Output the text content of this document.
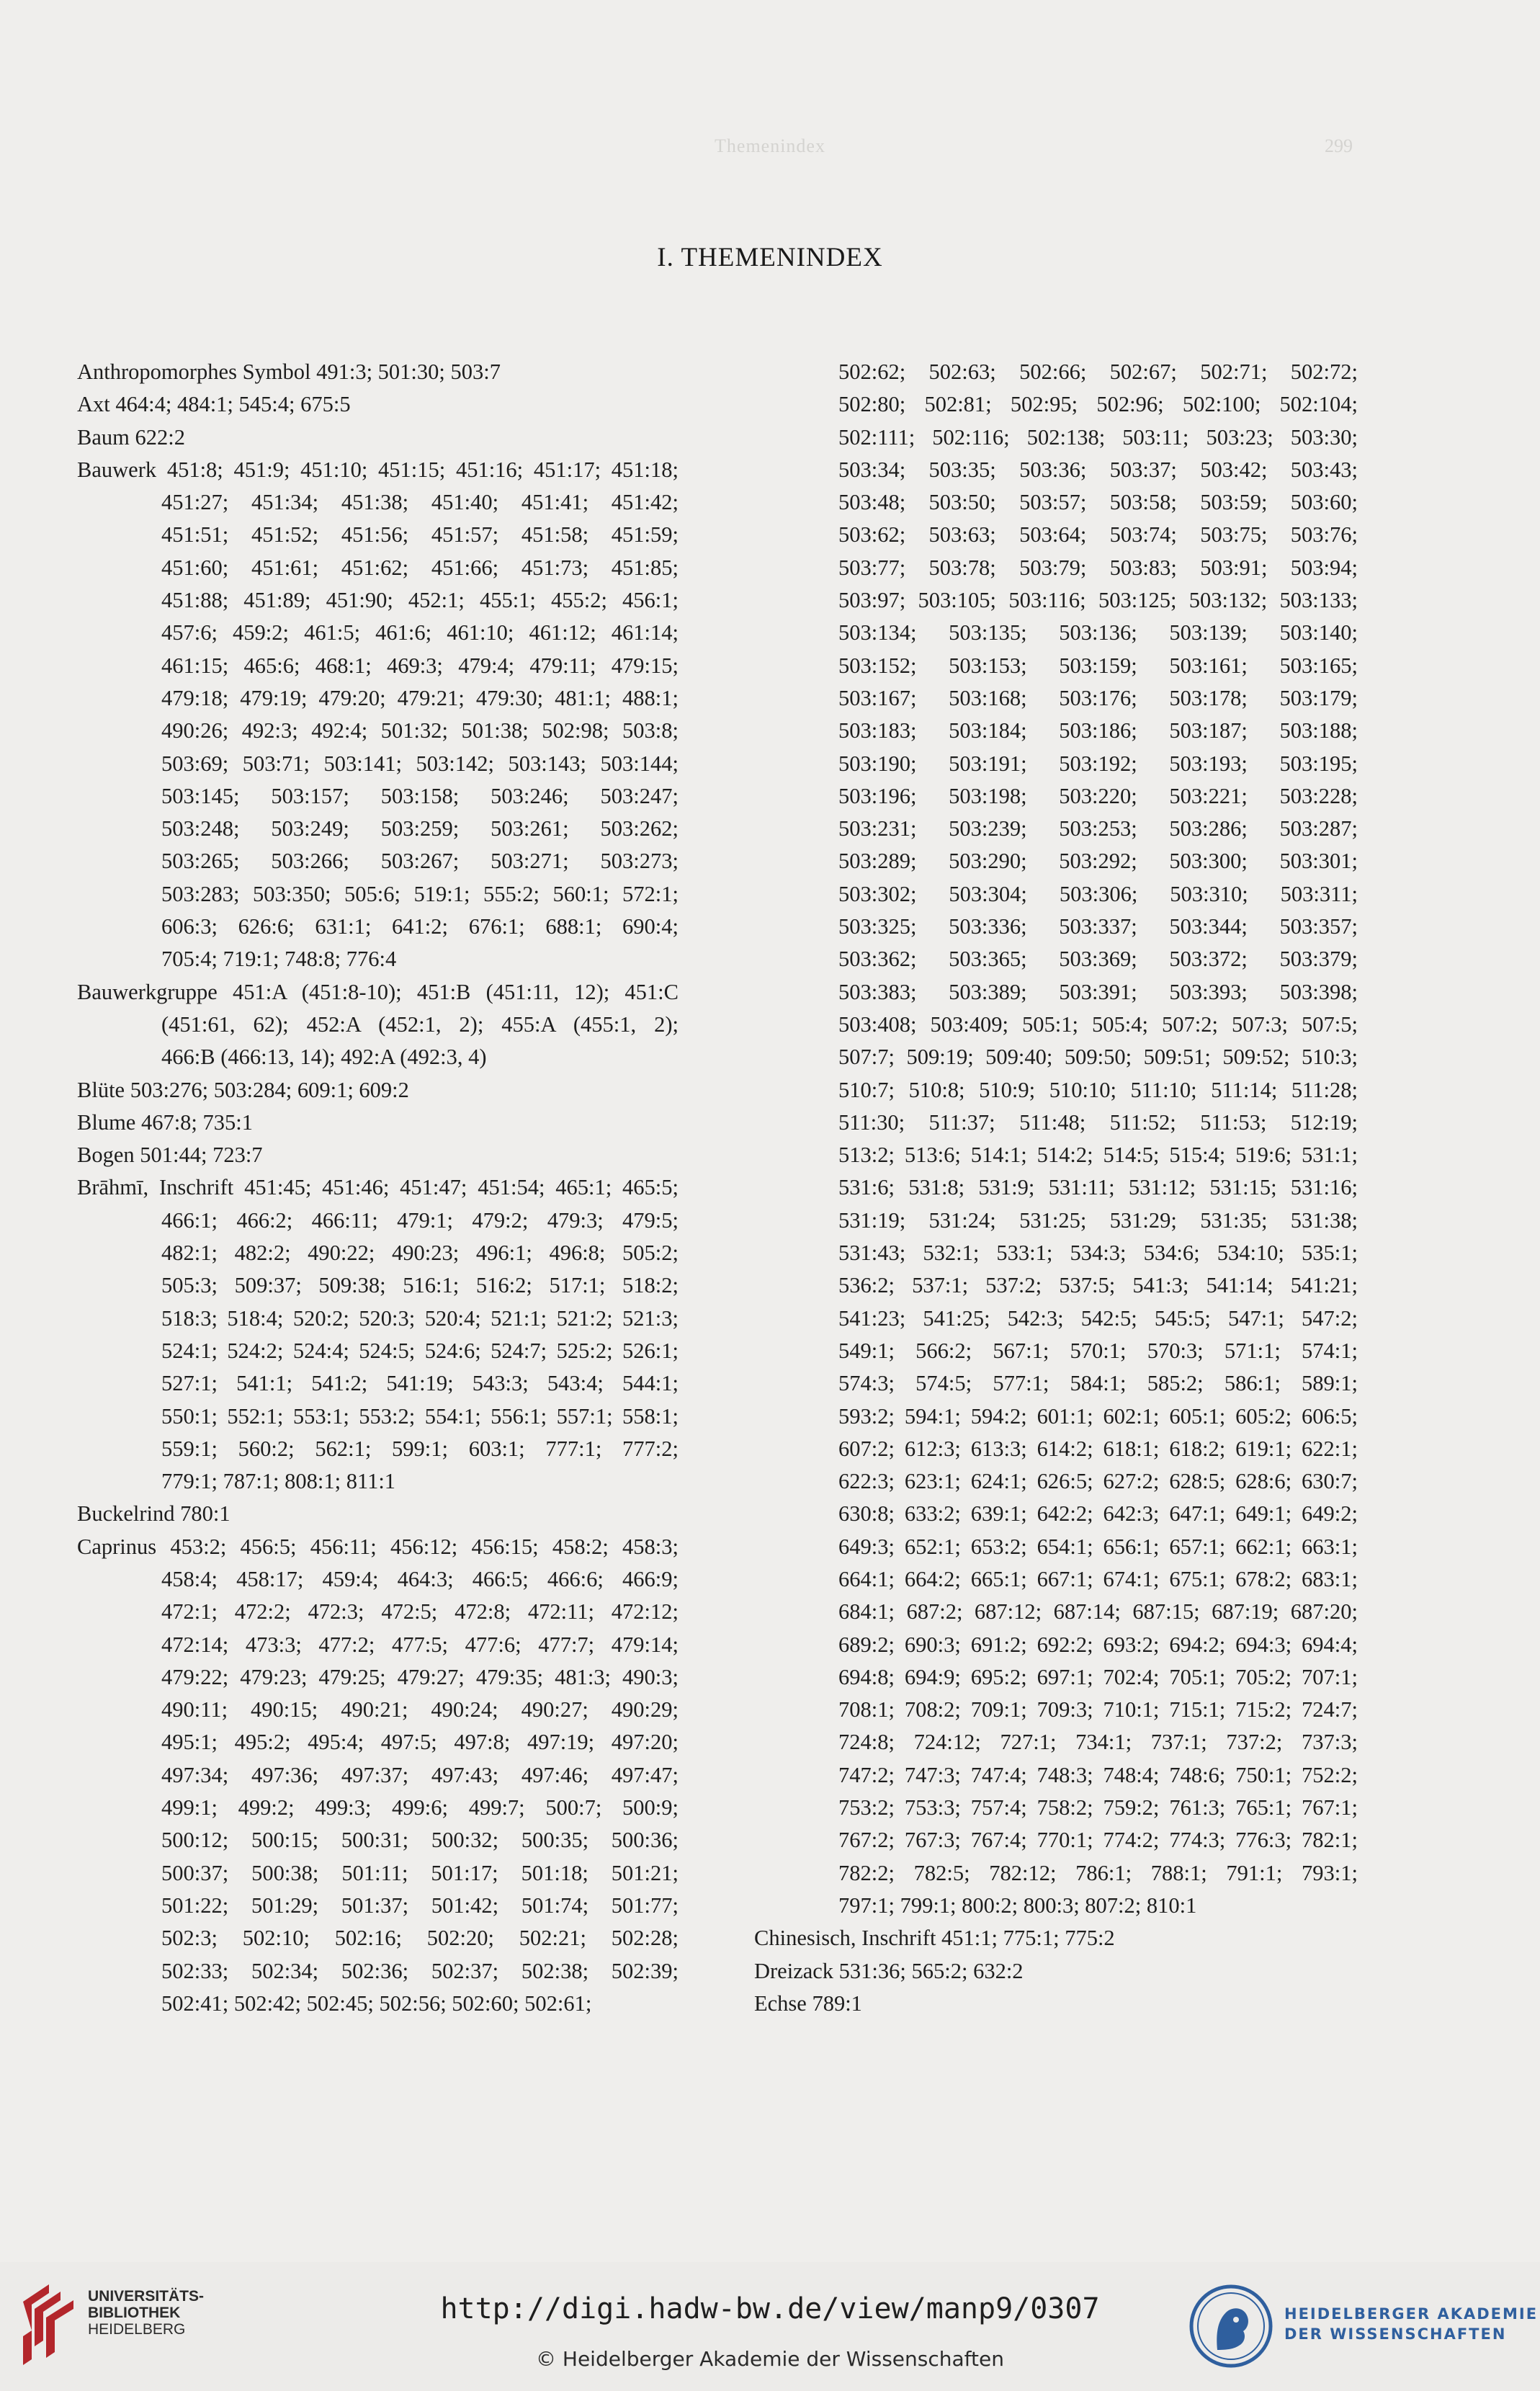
Themenindex	299
I. THEMENINDEX

Anthropomorphes Symbol 491:3; 501:30; 503:7

Axt 464:4; 484:1; 545:4; 675:5

Baum 622:2

Bauwerk 451:8; 451:9; 451:10; 451:15; 451:16; 451:17; 451:18;

451:27; 451:34; 451:38; 451:40; 451:41; 451:42;

451:51; 451:52; 451:56; 451:57; 451:58; 451:59;

451:60; 451:61; 451:62; 451:66; 451:73; 451:85;

451:88; 451:89; 451:90; 452:1; 455:1; 455:2; 456:1;

457:6; 459:2; 461:5; 461:6; 461:10; 461:12; 461:14;

461:15; 465:6; 468:1; 469:3; 479:4; 479:11; 479:15;

479:18; 479:19; 479:20; 479:21; 479:30; 481:1; 488:1;

490:26; 492:3; 492:4; 501:32; 501:38; 502:98; 503:8;

503:69; 503:71; 503:141; 503:142; 503:143; 503:144;

503:145; 503:157; 503:158; 503:246; 503:247;

503:248; 503:249; 503:259; 503:261; 503:262;

503:265; 503:266; 503:267; 503:271; 503:273;

503:283; 503:350; 505:6; 519:1; 555:2; 560:1; 572:1;

606:3; 626:6; 631:1; 641:2; 676:1; 688:1; 690:4;

705:4; 719:1; 748:8; 776:4

Bauwerkgruppe 451:A (451:8-10); 451:B (451:11, 12); 451:C

(451:61, 62); 452:A (452:1, 2); 455:A (455:1, 2);

466:B (466:13, 14); 492:A (492:3, 4)

Blüte 503:276; 503:284; 609:1; 609:2

Blume 467:8; 735:1

Bogen 501:44; 723:7

Brāhmī, Inschrift 451:45; 451:46; 451:47; 451:54; 465:1; 465:5;

466:1; 466:2; 466:11; 479:1; 479:2; 479:3; 479:5;

482:1; 482:2; 490:22; 490:23; 496:1; 496:8; 505:2;

505:3; 509:37; 509:38; 516:1; 516:2; 517:1; 518:2;

518:3; 518:4; 520:2; 520:3; 520:4; 521:1; 521:2; 521:3;

524:1; 524:2; 524:4; 524:5; 524:6; 524:7; 525:2; 526:1;

527:1; 541:1; 541:2; 541:19; 543:3; 543:4; 544:1;

550:1; 552:1; 553:1; 553:2; 554:1; 556:1; 557:1; 558:1;

559:1; 560:2; 562:1; 599:1; 603:1; 777:1; 777:2;

779:1; 787:1; 808:1; 811:1

Buckelrind 780:1

Caprinus 453:2; 456:5; 456:11; 456:12; 456:15; 458:2; 458:3;

458:4; 458:17; 459:4; 464:3; 466:5; 466:6; 466:9;

472:1; 472:2; 472:3; 472:5; 472:8; 472:11; 472:12;

472:14; 473:3; 477:2; 477:5; 477:6; 477:7; 479:14;

479:22; 479:23; 479:25; 479:27; 479:35; 481:3; 490:3;

490:11; 490:15; 490:21; 490:24; 490:27; 490:29;

495:1; 495:2; 495:4; 497:5; 497:8; 497:19; 497:20;

497:34; 497:36; 497:37; 497:43; 497:46; 497:47;

499:1; 499:2; 499:3; 499:6; 499:7; 500:7; 500:9;

500:12; 500:15; 500:31; 500:32; 500:35; 500:36;

500:37; 500:38; 501:11; 501:17; 501:18; 501:21;

501:22; 501:29; 501:37; 501:42; 501:74; 501:77;

502:3; 502:10; 502:16; 502:20; 502:21; 502:28;

502:33; 502:34; 502:36; 502:37; 502:38; 502:39;

502:41; 502:42; 502:45; 502:56; 502:60; 502:61;

502:62; 502:63; 502:66; 502:67; 502:71; 502:72;

502:80; 502:81; 502:95; 502:96; 502:100; 502:104;

502:111; 502:116; 502:138; 503:11; 503:23; 503:30;

503:34; 503:35; 503:36; 503:37; 503:42; 503:43;

503:48; 503:50; 503:57; 503:58; 503:59; 503:60;

503:62; 503:63; 503:64; 503:74; 503:75; 503:76;

503:77; 503:78; 503:79; 503:83; 503:91; 503:94;

503:97; 503:105; 503:116; 503:125; 503:132; 503:133;

503:134; 503:135; 503:136; 503:139; 503:140;

503:152; 503:153; 503:159; 503:161; 503:165;

503:167; 503:168; 503:176; 503:178; 503:179;

503:183; 503:184; 503:186; 503:187; 503:188;

503:190; 503:191; 503:192; 503:193; 503:195;

503:196; 503:198; 503:220; 503:221; 503:228;

503:231; 503:239; 503:253; 503:286; 503:287;

503:289; 503:290; 503:292; 503:300; 503:301;

503:302; 503:304; 503:306; 503:310; 503:311;

503:325; 503:336; 503:337; 503:344; 503:357;

503:362; 503:365; 503:369; 503:372; 503:379;

503:383; 503:389; 503:391; 503:393; 503:398;

503:408; 503:409; 505:1; 505:4; 507:2; 507:3; 507:5;

507:7; 509:19; 509:40; 509:50; 509:51; 509:52; 510:3;

510:7; 510:8; 510:9; 510:10; 511:10; 511:14; 511:28;

511:30; 511:37; 511:48; 511:52; 511:53; 512:19;

513:2; 513:6; 514:1; 514:2; 514:5; 515:4; 519:6; 531:1;

531:6; 531:8; 531:9; 531:11; 531:12; 531:15; 531:16;

531:19; 531:24; 531:25; 531:29; 531:35; 531:38;

531:43; 532:1; 533:1; 534:3; 534:6; 534:10; 535:1;

536:2; 537:1; 537:2; 537:5; 541:3; 541:14; 541:21;

541:23; 541:25; 542:3; 542:5; 545:5; 547:1; 547:2;

549:1; 566:2; 567:1; 570:1; 570:3; 571:1; 574:1;

574:3; 574:5; 577:1; 584:1; 585:2; 586:1; 589:1;

593:2; 594:1; 594:2; 601:1; 602:1; 605:1; 605:2; 606:5;

607:2; 612:3; 613:3; 614:2; 618:1; 618:2; 619:1; 622:1;

622:3; 623:1; 624:1; 626:5; 627:2; 628:5; 628:6; 630:7;

630:8; 633:2; 639:1; 642:2; 642:3; 647:1; 649:1; 649:2;

649:3; 652:1; 653:2; 654:1; 656:1; 657:1; 662:1; 663:1;

664:1; 664:2; 665:1; 667:1; 674:1; 675:1; 678:2; 683:1;

684:1; 687:2; 687:12; 687:14; 687:15; 687:19; 687:20;

689:2; 690:3; 691:2; 692:2; 693:2; 694:2; 694:3; 694:4;

694:8; 694:9; 695:2; 697:1; 702:4; 705:1; 705:2; 707:1;

708:1; 708:2; 709:1; 709:3; 710:1; 715:1; 715:2; 724:7;

724:8; 724:12; 727:1; 734:1; 737:1; 737:2; 737:3;

747:2; 747:3; 747:4; 748:3; 748:4; 748:6; 750:1; 752:2;

753:2; 753:3; 757:4; 758:2; 759:2; 761:3; 765:1; 767:1;

767:2; 767:3; 767:4; 770:1; 774:2; 774:3; 776:3; 782:1;

782:2; 782:5; 782:12; 786:1; 788:1; 791:1; 793:1;

797:1; 799:1; 800:2; 800:3; 807:2; 810:1

Chinesisch, Inschrift 451:1; 775:1; 775:2

Dreizack 531:36; 565:2; 632:2

Echse 789:1

UNIVERSITÄTS-
BIBLIOTHEK
HEIDELBERG
http://digi.hadw-bw.de/view/manp9/0307
© Heidelberger Akademie der Wissenschaften
HEIDELBERGER AKADEMIE
DER WISSENSCHAFTEN
